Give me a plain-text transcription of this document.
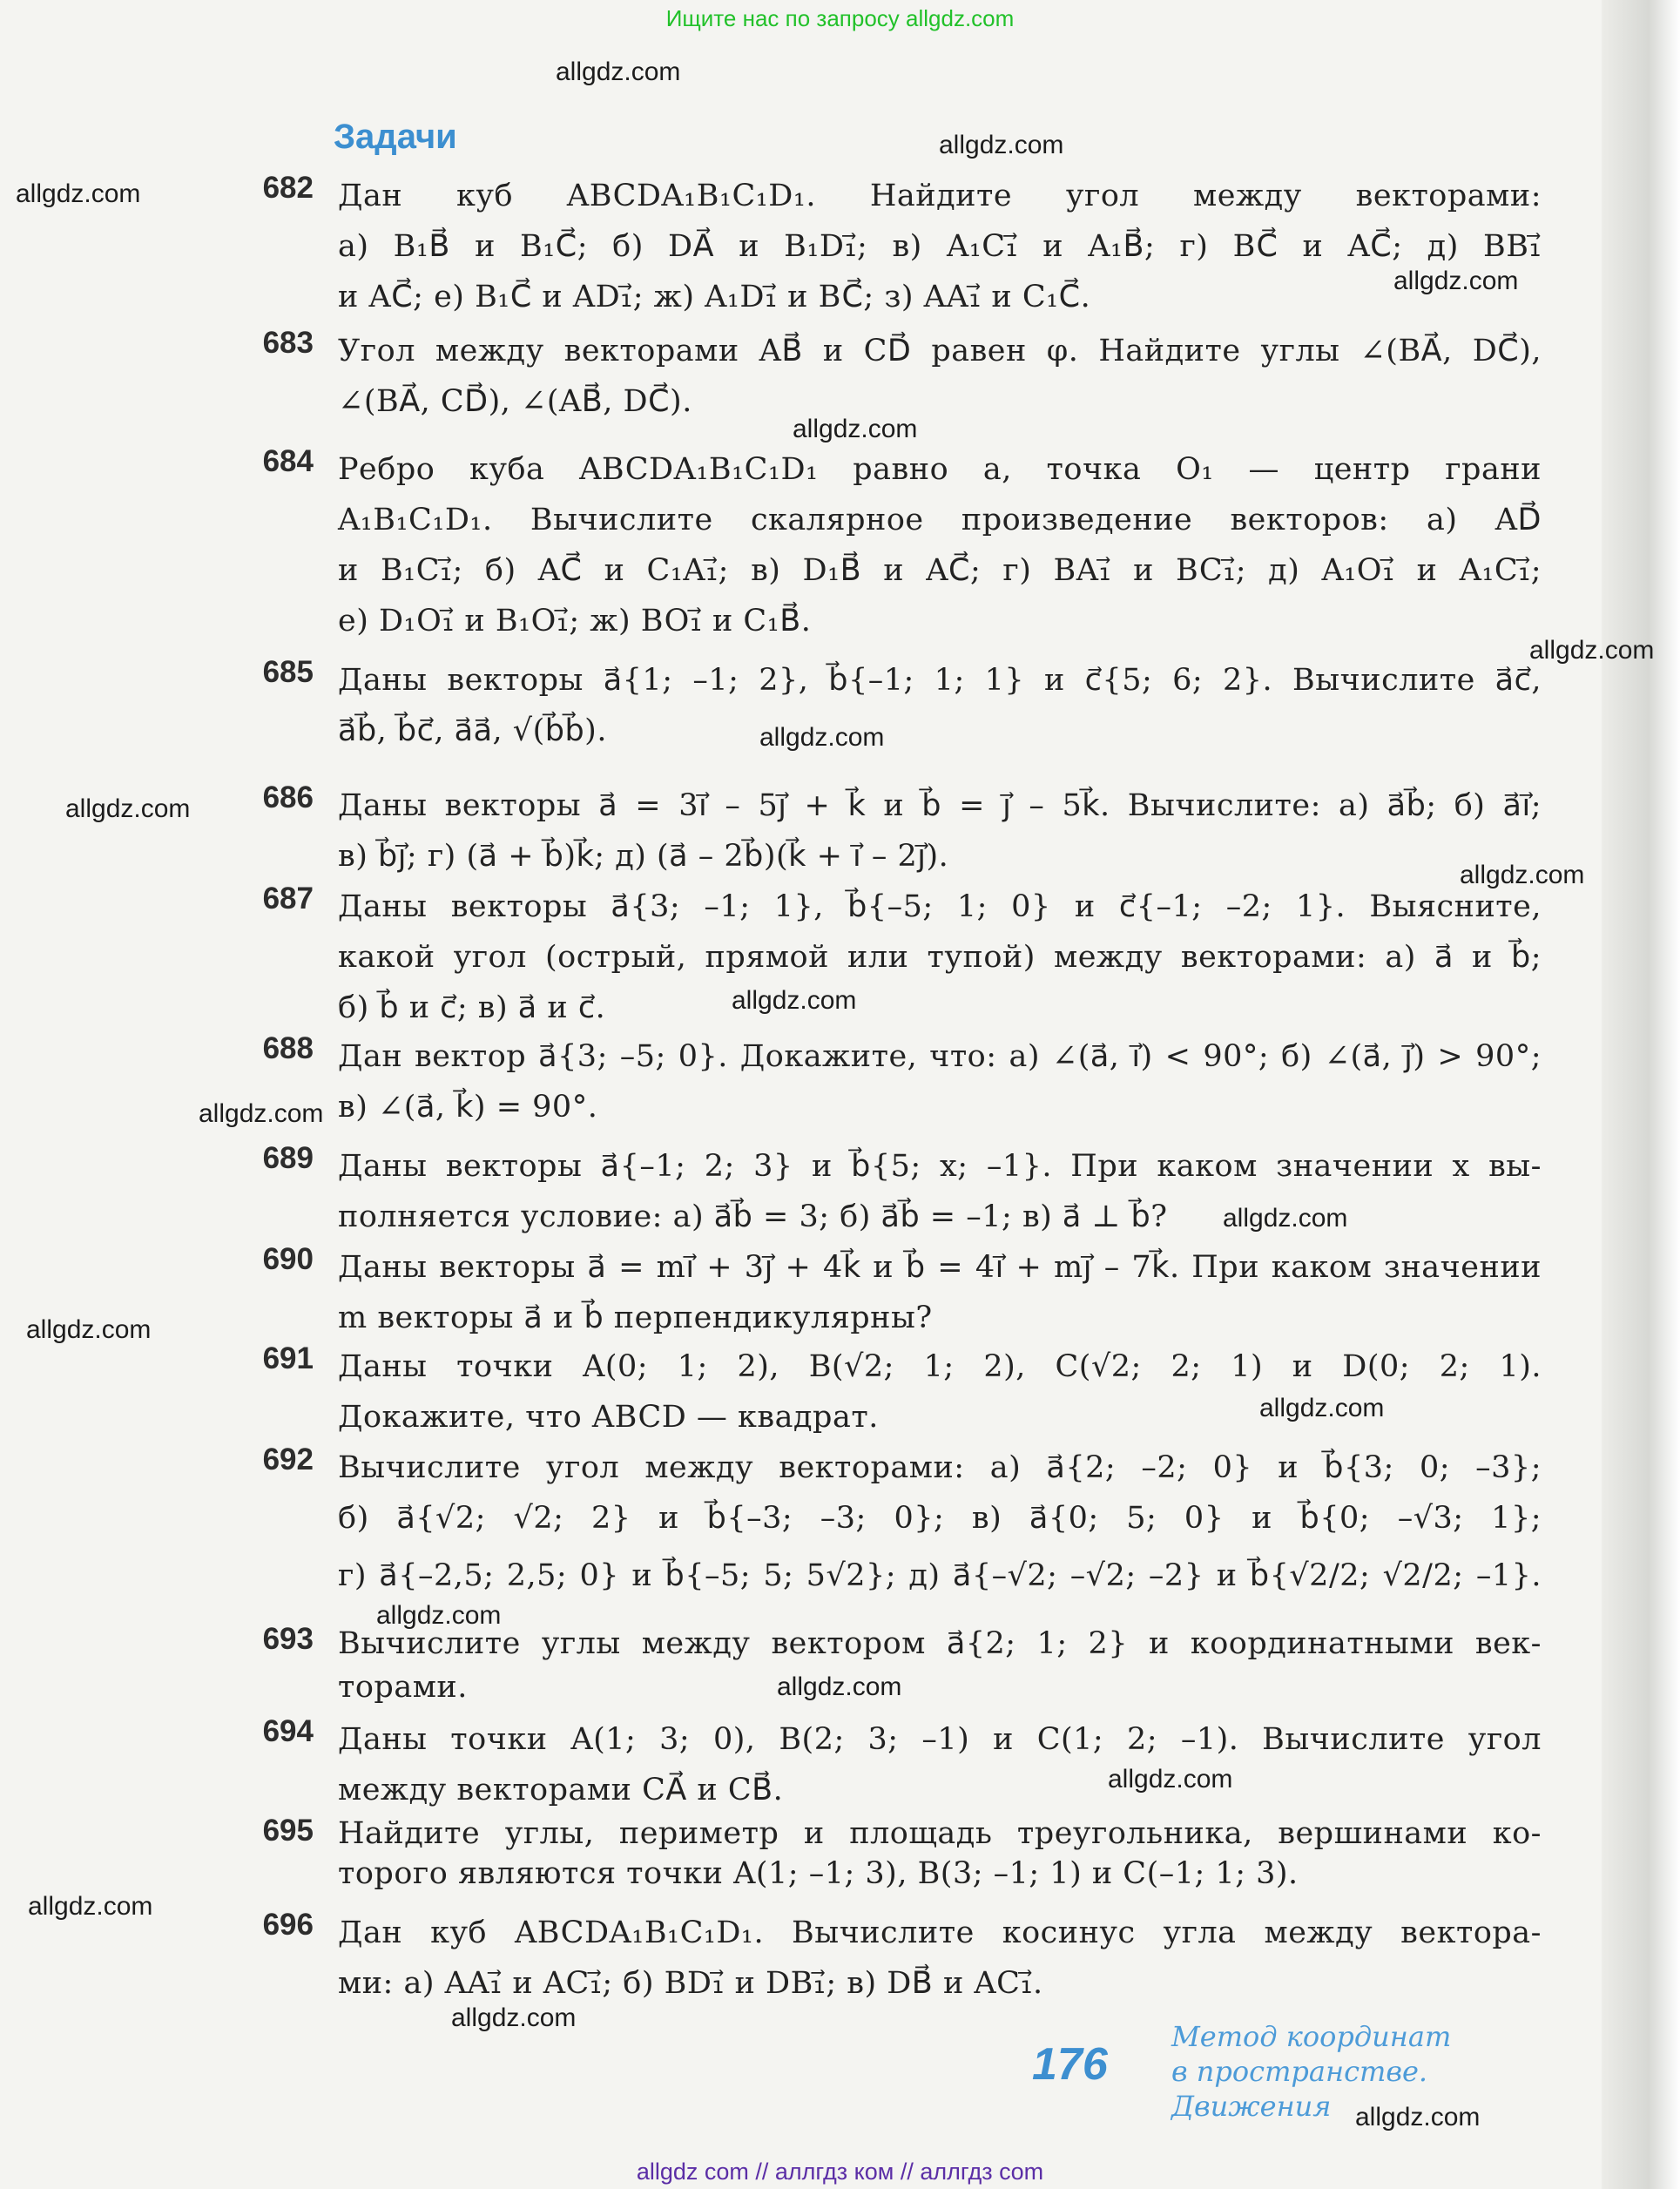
Ищите нас по запросу allgdz.com
allgdz.com
allgdz.com
allgdz.com
allgdz.com
allgdz.com
allgdz.com
allgdz.com
allgdz.com
allgdz.com
allgdz.com
allgdz.com
allgdz.com
allgdz.com
allgdz.com
allgdz.com
allgdz.com
allgdz.com
allgdz.com
allgdz.com
allgdz.com
Задачи
682 Дан куб ABCDA₁B₁C₁D₁. Найдите угол между векторами:
а) B₁B⃗ и B₁C⃗; б) DA⃗ и B₁D₁⃗; в) A₁C₁⃗ и A₁B⃗; г) BC⃗ и AC⃗; д) BB₁⃗
и AC⃗; е) B₁C⃗ и AD₁⃗; ж) A₁D₁⃗ и BC⃗; з) AA₁⃗ и C₁C⃗.
683 Угол между векторами AB⃗ и CD⃗ равен φ. Найдите углы ∠(BA⃗, DC⃗),
∠(BA⃗, CD⃗), ∠(AB⃗, DC⃗).
684 Ребро куба ABCDA₁B₁C₁D₁ равно a, точка O₁ — центр грани
A₁B₁C₁D₁. Вычислите скалярное произведение векторов: а) AD⃗
и B₁C₁⃗; б) AC⃗ и C₁A₁⃗; в) D₁B⃗ и AC⃗; г) BA₁⃗ и BC₁⃗; д) A₁O₁⃗ и A₁C₁⃗;
е) D₁O₁⃗ и B₁O₁⃗; ж) BO₁⃗ и C₁B⃗.
685 Даны векторы a⃗{1; –1; 2}, b⃗{–1; 1; 1} и c⃗{5; 6; 2}. Вычислите a⃗c⃗,
a⃗b⃗, b⃗c⃗, a⃗a⃗, √(b⃗b⃗).
686 Даны векторы a⃗ = 3i⃗ – 5j⃗ + k⃗ и b⃗ = j⃗ – 5k⃗. Вычислите: а) a⃗b⃗; б) a⃗i⃗;
в) b⃗j⃗; г) (a⃗ + b⃗)k⃗; д) (a⃗ – 2b⃗)(k⃗ + i⃗ – 2j⃗).
687 Даны векторы a⃗{3; –1; 1}, b⃗{–5; 1; 0} и c⃗{–1; –2; 1}. Выясните,
какой угол (острый, прямой или тупой) между векторами: а) a⃗ и b⃗;
б) b⃗ и c⃗; в) a⃗ и c⃗.
688 Дан вектор a⃗{3; –5; 0}. Докажите, что: а) ∠(a⃗, i⃗) < 90°; б) ∠(a⃗, j⃗) > 90°;
в) ∠(a⃗, k⃗) = 90°.
689 Даны векторы a⃗{–1; 2; 3} и b⃗{5; x; –1}. При каком значении x вы-
полняется условие: а) a⃗b⃗ = 3; б) a⃗b⃗ = –1; в) a⃗ ⊥ b⃗?
690 Даны векторы a⃗ = mi⃗ + 3j⃗ + 4k⃗ и b⃗ = 4i⃗ + mj⃗ – 7k⃗. При каком значении
m векторы a⃗ и b⃗ перпендикулярны?
691 Даны точки A(0; 1; 2), B(√2; 1; 2), C(√2; 2; 1) и D(0; 2; 1).
Докажите, что ABCD — квадрат.
692 Вычислите угол между векторами: а) a⃗{2; –2; 0} и b⃗{3; 0; –3};
б) a⃗{√2; √2; 2} и b⃗{–3; –3; 0}; в) a⃗{0; 5; 0} и b⃗{0; –√3; 1};
г) a⃗{–2,5; 2,5; 0} и b⃗{–5; 5; 5√2}; д) a⃗{–√2; –√2; –2} и b⃗{√2/2; √2/2; –1}.
693 Вычислите углы между вектором a⃗{2; 1; 2} и координатными век-
торами.
694 Даны точки A(1; 3; 0), B(2; 3; –1) и C(1; 2; –1). Вычислите угол
между векторами CA⃗ и CB⃗.
695 Найдите углы, периметр и площадь треугольника, вершинами ко-
торого являются точки A(1; –1; 3), B(3; –1; 1) и C(–1; 1; 3).
696 Дан куб ABCDA₁B₁C₁D₁. Вычислите косинус угла между вектора-
ми: а) AA₁⃗ и AC₁⃗; б) BD₁⃗ и DB₁⃗; в) DB⃗ и AC₁⃗.
176
Метод координат
в пространстве.
Движения
allgdz com // аллгдз ком // аллгдз com
